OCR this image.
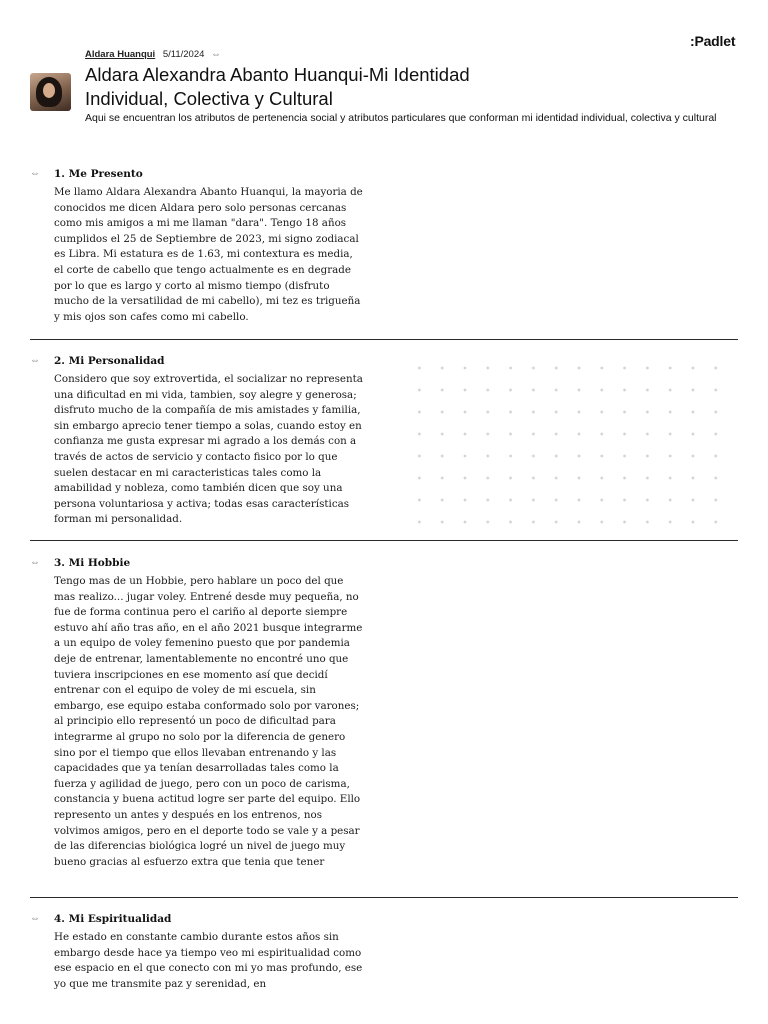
:Padlet
Aldara Huanqui 5/11/2024 ⇔
Aldara Alexandra Abanto Huanqui-Mi Identidad Individual, Colectiva y Cultural

Aqui se encuentran los atributos de pertenencia social y atributos particulares que conforman mi identidad individual, colectiva y cultural

⇔ 1. Me Presento

Me llamo Aldara Alexandra Abanto Huanqui, la mayoria de conocidos me dicen Aldara pero solo personas cercanas como mis amigos a mi me llaman "dara". Tengo 18 años cumplidos el 25 de Septiembre de 2023, mi signo zodiacal es Libra. Mi estatura es de 1.63, mi contextura es media, el corte de cabello que tengo actualmente es en degrade por lo que es largo y corto al mismo tiempo (disfruto mucho de la versatilidad de mi cabello), mi tez es trigueña y mis ojos son cafes como mi cabello.

⇔ 2. Mi Personalidad

Considero que soy extrovertida, el socializar no representa una dificultad en mi vida, tambien, soy alegre y generosa; disfruto mucho de la compañía de mis amistades y familia, sin embargo aprecio tener tiempo a solas, cuando estoy en confianza me gusta expresar mi agrado a los demás con a través de actos de servicio y contacto fisico por lo que suelen destacar en mi caracteristicas tales como la amabilidad y nobleza, como también dicen que soy una persona voluntariosa y activa; todas esas características forman mi personalidad.

⇔ 3. Mi Hobbie

Tengo mas de un Hobbie, pero hablare un poco del que mas realizo... jugar voley. Entrené desde muy pequeña, no fue de forma continua pero el cariño al deporte siempre estuvo ahí año tras año, en el año 2021 busque integrarme a un equipo de voley femenino puesto que por pandemia deje de entrenar, lamentablemente no encontré uno que tuviera inscripciones en ese momento así que decidí entrenar con el equipo de voley de mi escuela, sin embargo, ese equipo estaba conformado solo por varones; al principio ello representó un poco de dificultad para integrarme al grupo no solo por la diferencia de genero sino por el tiempo que ellos llevaban entrenando y las capacidades que ya tenían desarrolladas tales como la fuerza y agilidad de juego, pero con un poco de carisma, constancia y buena actitud logre ser parte del equipo. Ello represento un antes y después en los entrenos, nos volvimos amigos, pero en el deporte todo se vale y a pesar de las diferencias biológica logré un nivel de juego muy bueno gracias al esfuerzo extra que tenia que tener

⇔ 4. Mi Espiritualidad

He estado en constante cambio durante estos años sin embargo desde hace ya tiempo veo mi espiritualidad como ese espacio en el que conecto con mi yo mas profundo, ese yo que me transmite paz y serenidad, en
